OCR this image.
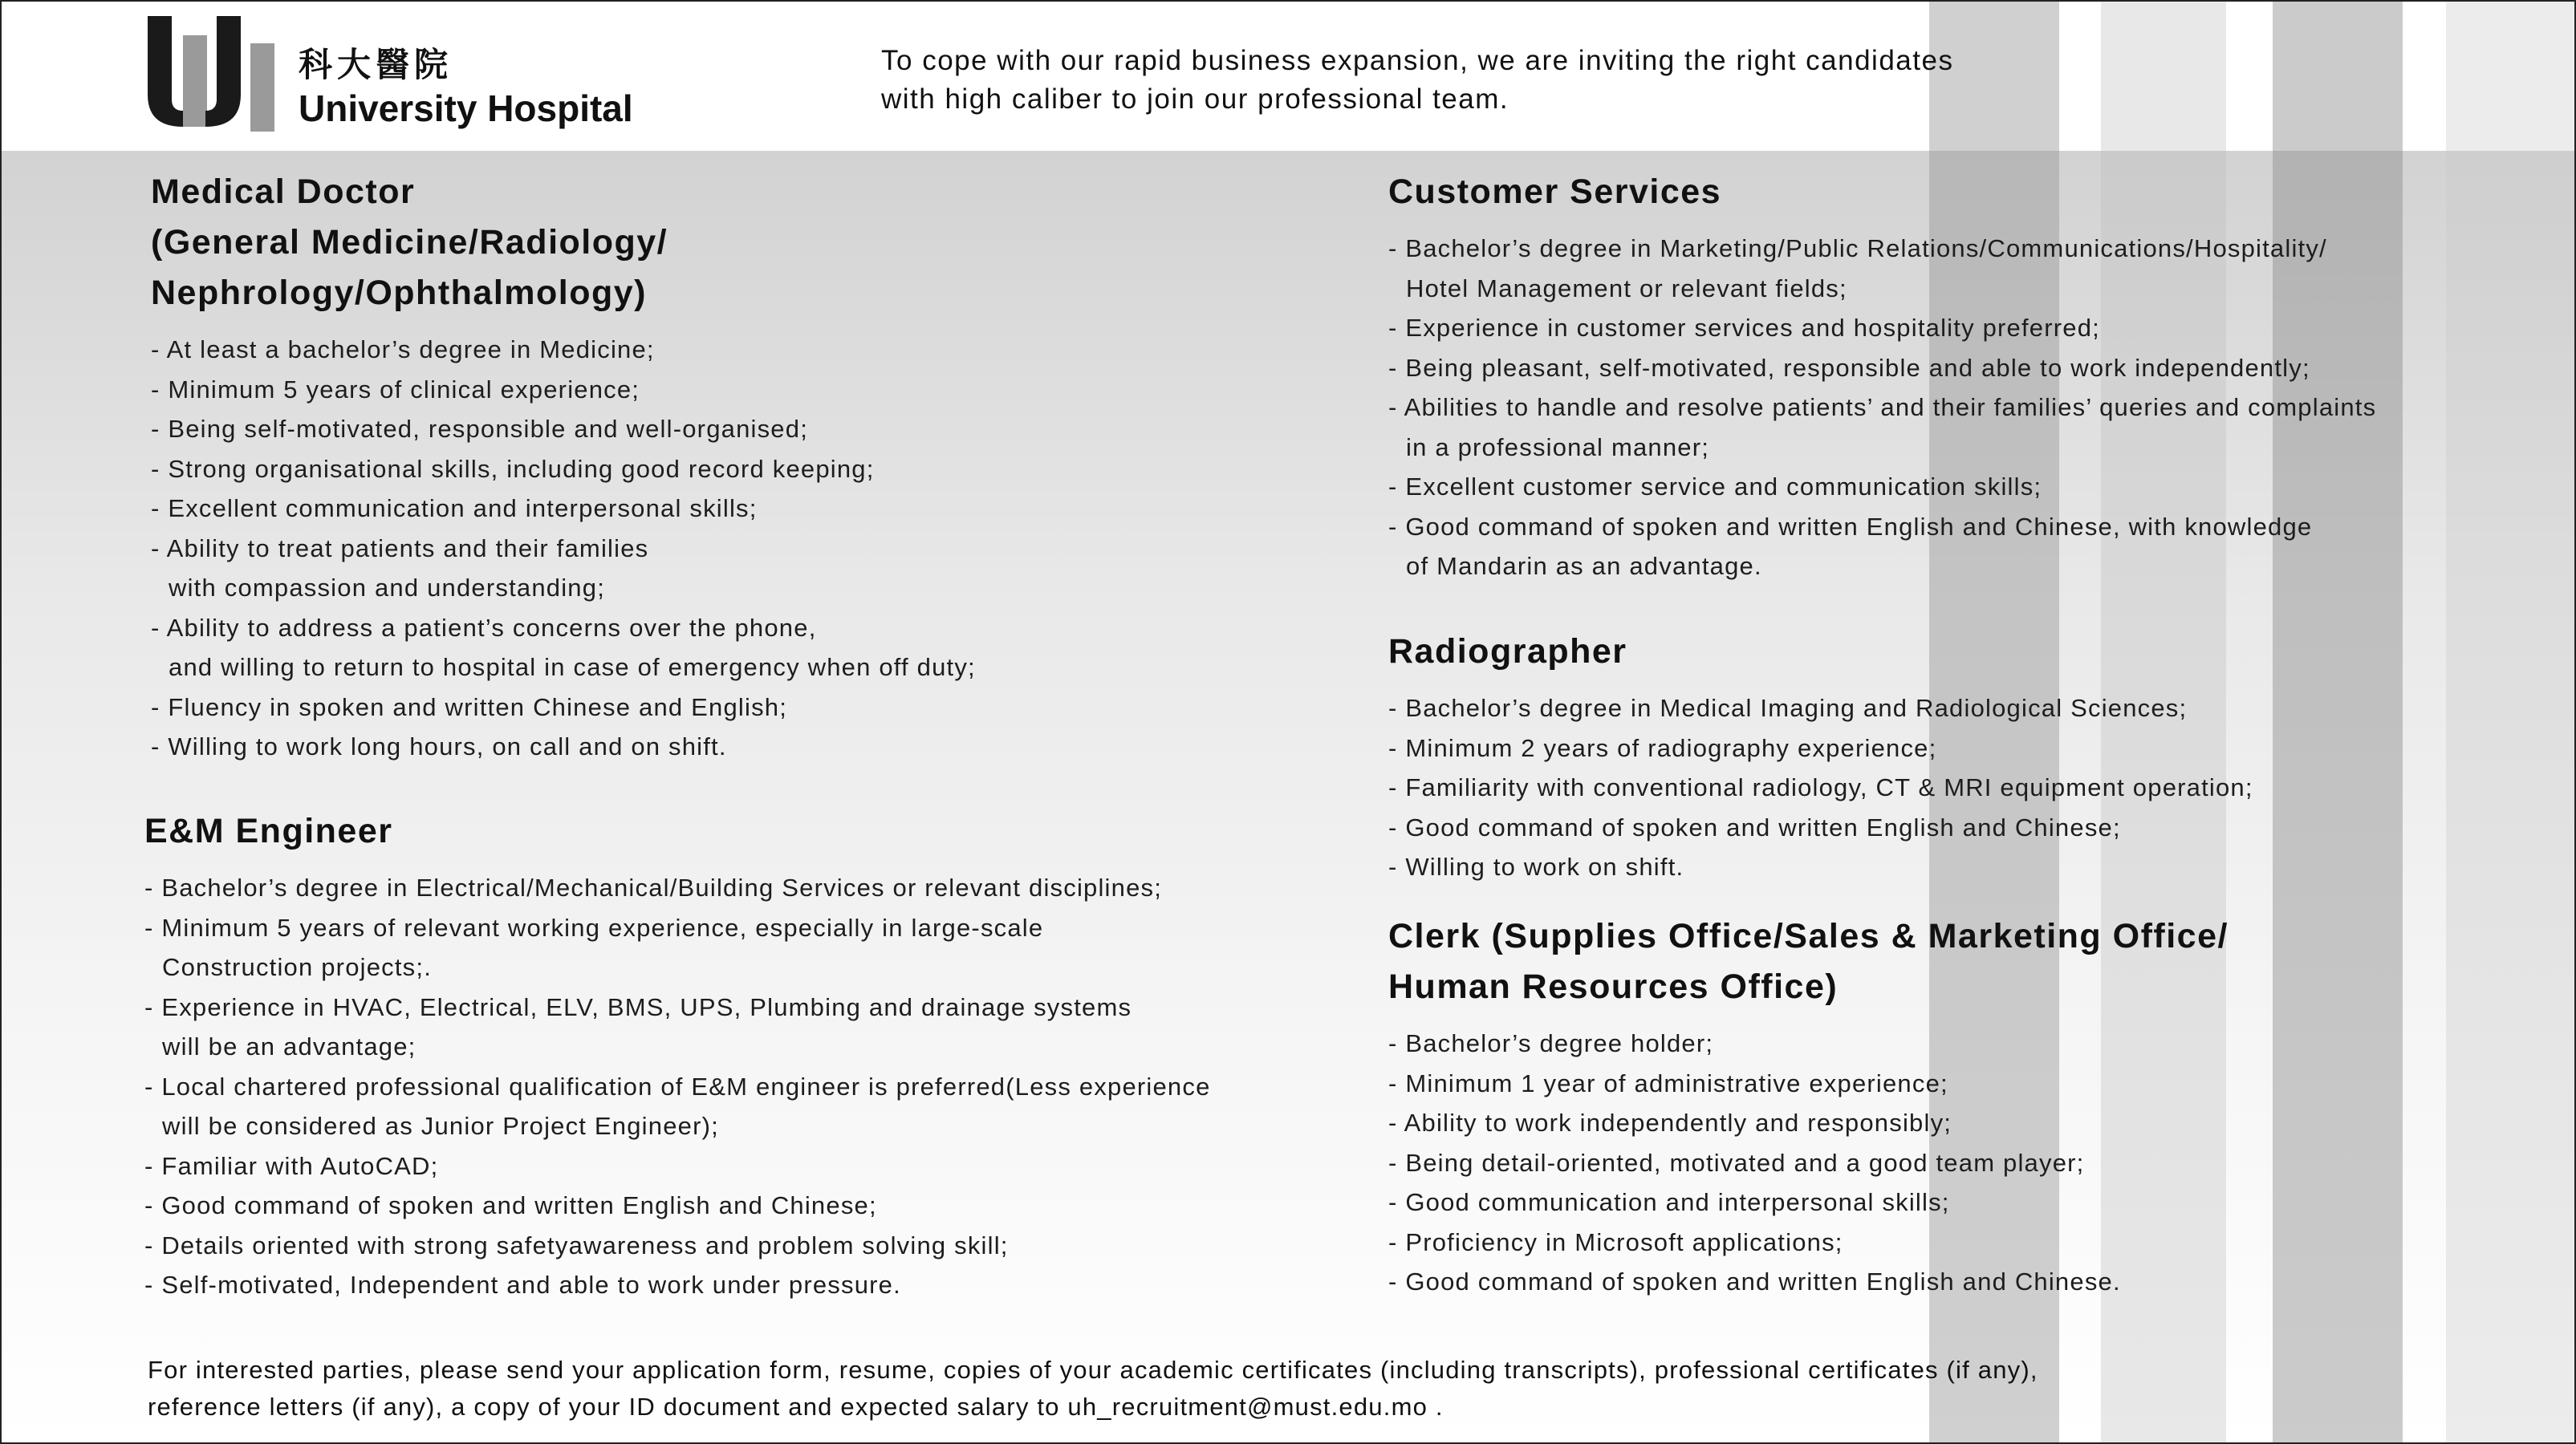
科大醫院
University Hospital
To cope with our rapid business expansion, we are inviting the right candidates
with high caliber to join our professional team.
Medical Doctor
(General Medicine/Radiology/
Nephrology/Ophthalmology)
- At least a bachelor’s degree in Medicine;
- Minimum 5 years of clinical experience;
- Being self-motivated, responsible and well-organised;
- Strong organisational skills, including good record keeping;
- Excellent communication and interpersonal skills;
- Ability to treat patients and their families
with compassion and understanding;
- Ability to address a patient’s concerns over the phone,
and willing to return to hospital in case of emergency when off duty;
- Fluency in spoken and written Chinese and English;
- Willing to work long hours, on call and on shift.
E&M Engineer
- Bachelor’s degree in Electrical/Mechanical/Building Services or relevant disciplines;
- Minimum 5 years of relevant working experience, especially in large-scale
Construction projects;.
- Experience in HVAC, Electrical, ELV, BMS, UPS, Plumbing and drainage systems
will be an advantage;
- Local chartered professional qualification of E&M engineer is preferred(Less experience
will be considered as Junior Project Engineer);
- Familiar with AutoCAD;
- Good command of spoken and written English and Chinese;
- Details oriented with strong safetyawareness and problem solving skill;
- Self-motivated, Independent and able to work under pressure.
Customer Services
- Bachelor’s degree in Marketing/Public Relations/Communications/Hospitality/
Hotel Management or relevant fields;
- Experience in customer services and hospitality preferred;
- Being pleasant, self-motivated, responsible and able to work independently;
- Abilities to handle and resolve patients’ and their families’ queries and complaints
in a professional manner;
- Excellent customer service and communication skills;
- Good command of spoken and written English and Chinese, with knowledge
of Mandarin as an advantage.
Radiographer
- Bachelor’s degree in Medical Imaging and Radiological Sciences;
- Minimum 2 years of radiography experience;
- Familiarity with conventional radiology, CT & MRI equipment operation;
- Good command of spoken and written English and Chinese;
- Willing to work on shift.
Clerk (Supplies Office/Sales & Marketing Office/
Human Resources Office)
- Bachelor’s degree holder;
- Minimum 1 year of administrative experience;
- Ability to work independently and responsibly;
- Being detail-oriented, motivated and a good team player;
- Good communication and interpersonal skills;
- Proficiency in Microsoft applications;
- Good command of spoken and written English and Chinese.
For interested parties, please send your application form, resume, copies of your academic certificates (including transcripts), professional certificates (if any),
reference letters (if any), a copy of your ID document and expected salary to uh_recruitment@must.edu.mo .
